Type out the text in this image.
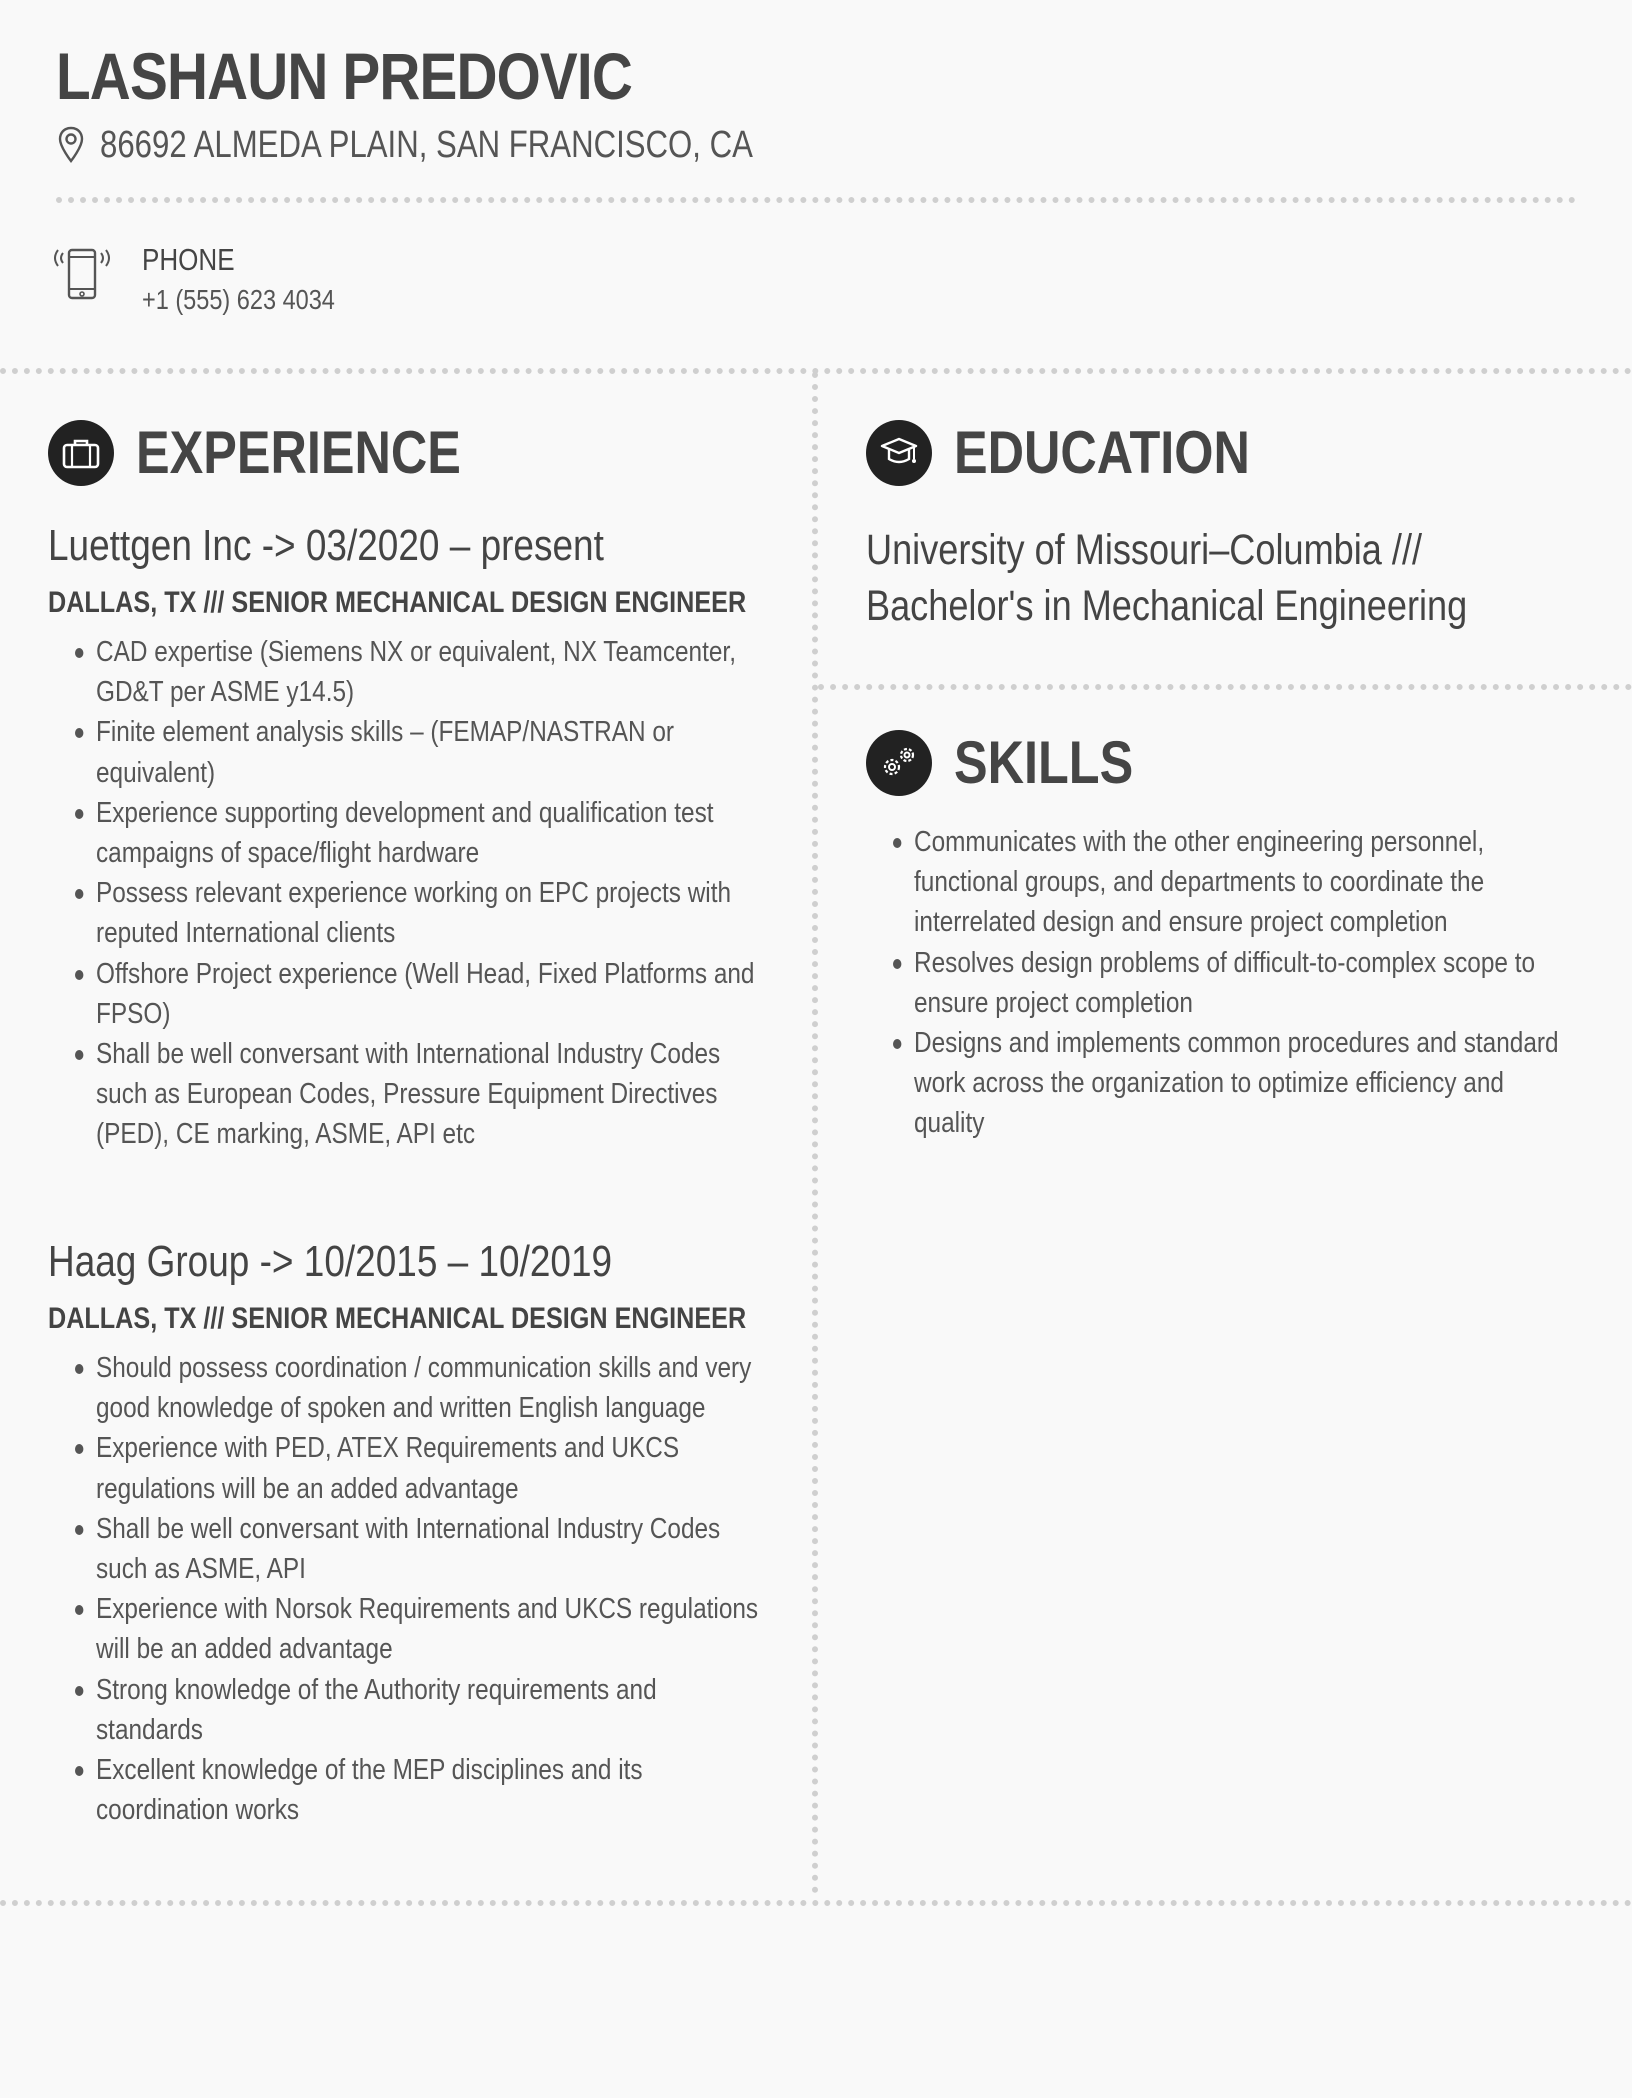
LASHAUN PREDOVIC
86692 ALMEDA PLAIN, SAN FRANCISCO, CA
PHONE
+1 (555) 623 4034
EXPERIENCE
Luettgen Inc -> 03/2020 – present
DALLAS, TX /// SENIOR MECHANICAL DESIGN ENGINEER
CAD expertise (Siemens NX or equivalent, NX Teamcenter, GD&T per ASME y14.5)
Finite element analysis skills – (FEMAP/NASTRAN or equivalent)
Experience supporting development and qualification test campaigns of space/flight hardware
Possess relevant experience working on EPC projects with reputed International clients
Offshore Project experience (Well Head, Fixed Platforms and FPSO)
Shall be well conversant with International Industry Codes such as European Codes, Pressure Equipment Directives (PED), CE marking, ASME, API etc
Haag Group -> 10/2015 – 10/2019
DALLAS, TX /// SENIOR MECHANICAL DESIGN ENGINEER
Should possess coordination / communication skills and very good knowledge of spoken and written English language
Experience with PED, ATEX Requirements and UKCS regulations will be an added advantage
Shall be well conversant with International Industry Codes such as ASME, API
Experience with Norsok Requirements and UKCS regulations will be an added advantage
Strong knowledge of the Authority requirements and standards
Excellent knowledge of the MEP disciplines and its coordination works
EDUCATION
University of Missouri–Columbia ///
Bachelor's in Mechanical Engineering
SKILLS
Communicates with the other engineering personnel, functional groups, and departments to coordinate the interrelated design and ensure project completion
Resolves design problems of difficult-to-complex scope to ensure project completion
Designs and implements common procedures and standard work across the organization to optimize efficiency and quality
